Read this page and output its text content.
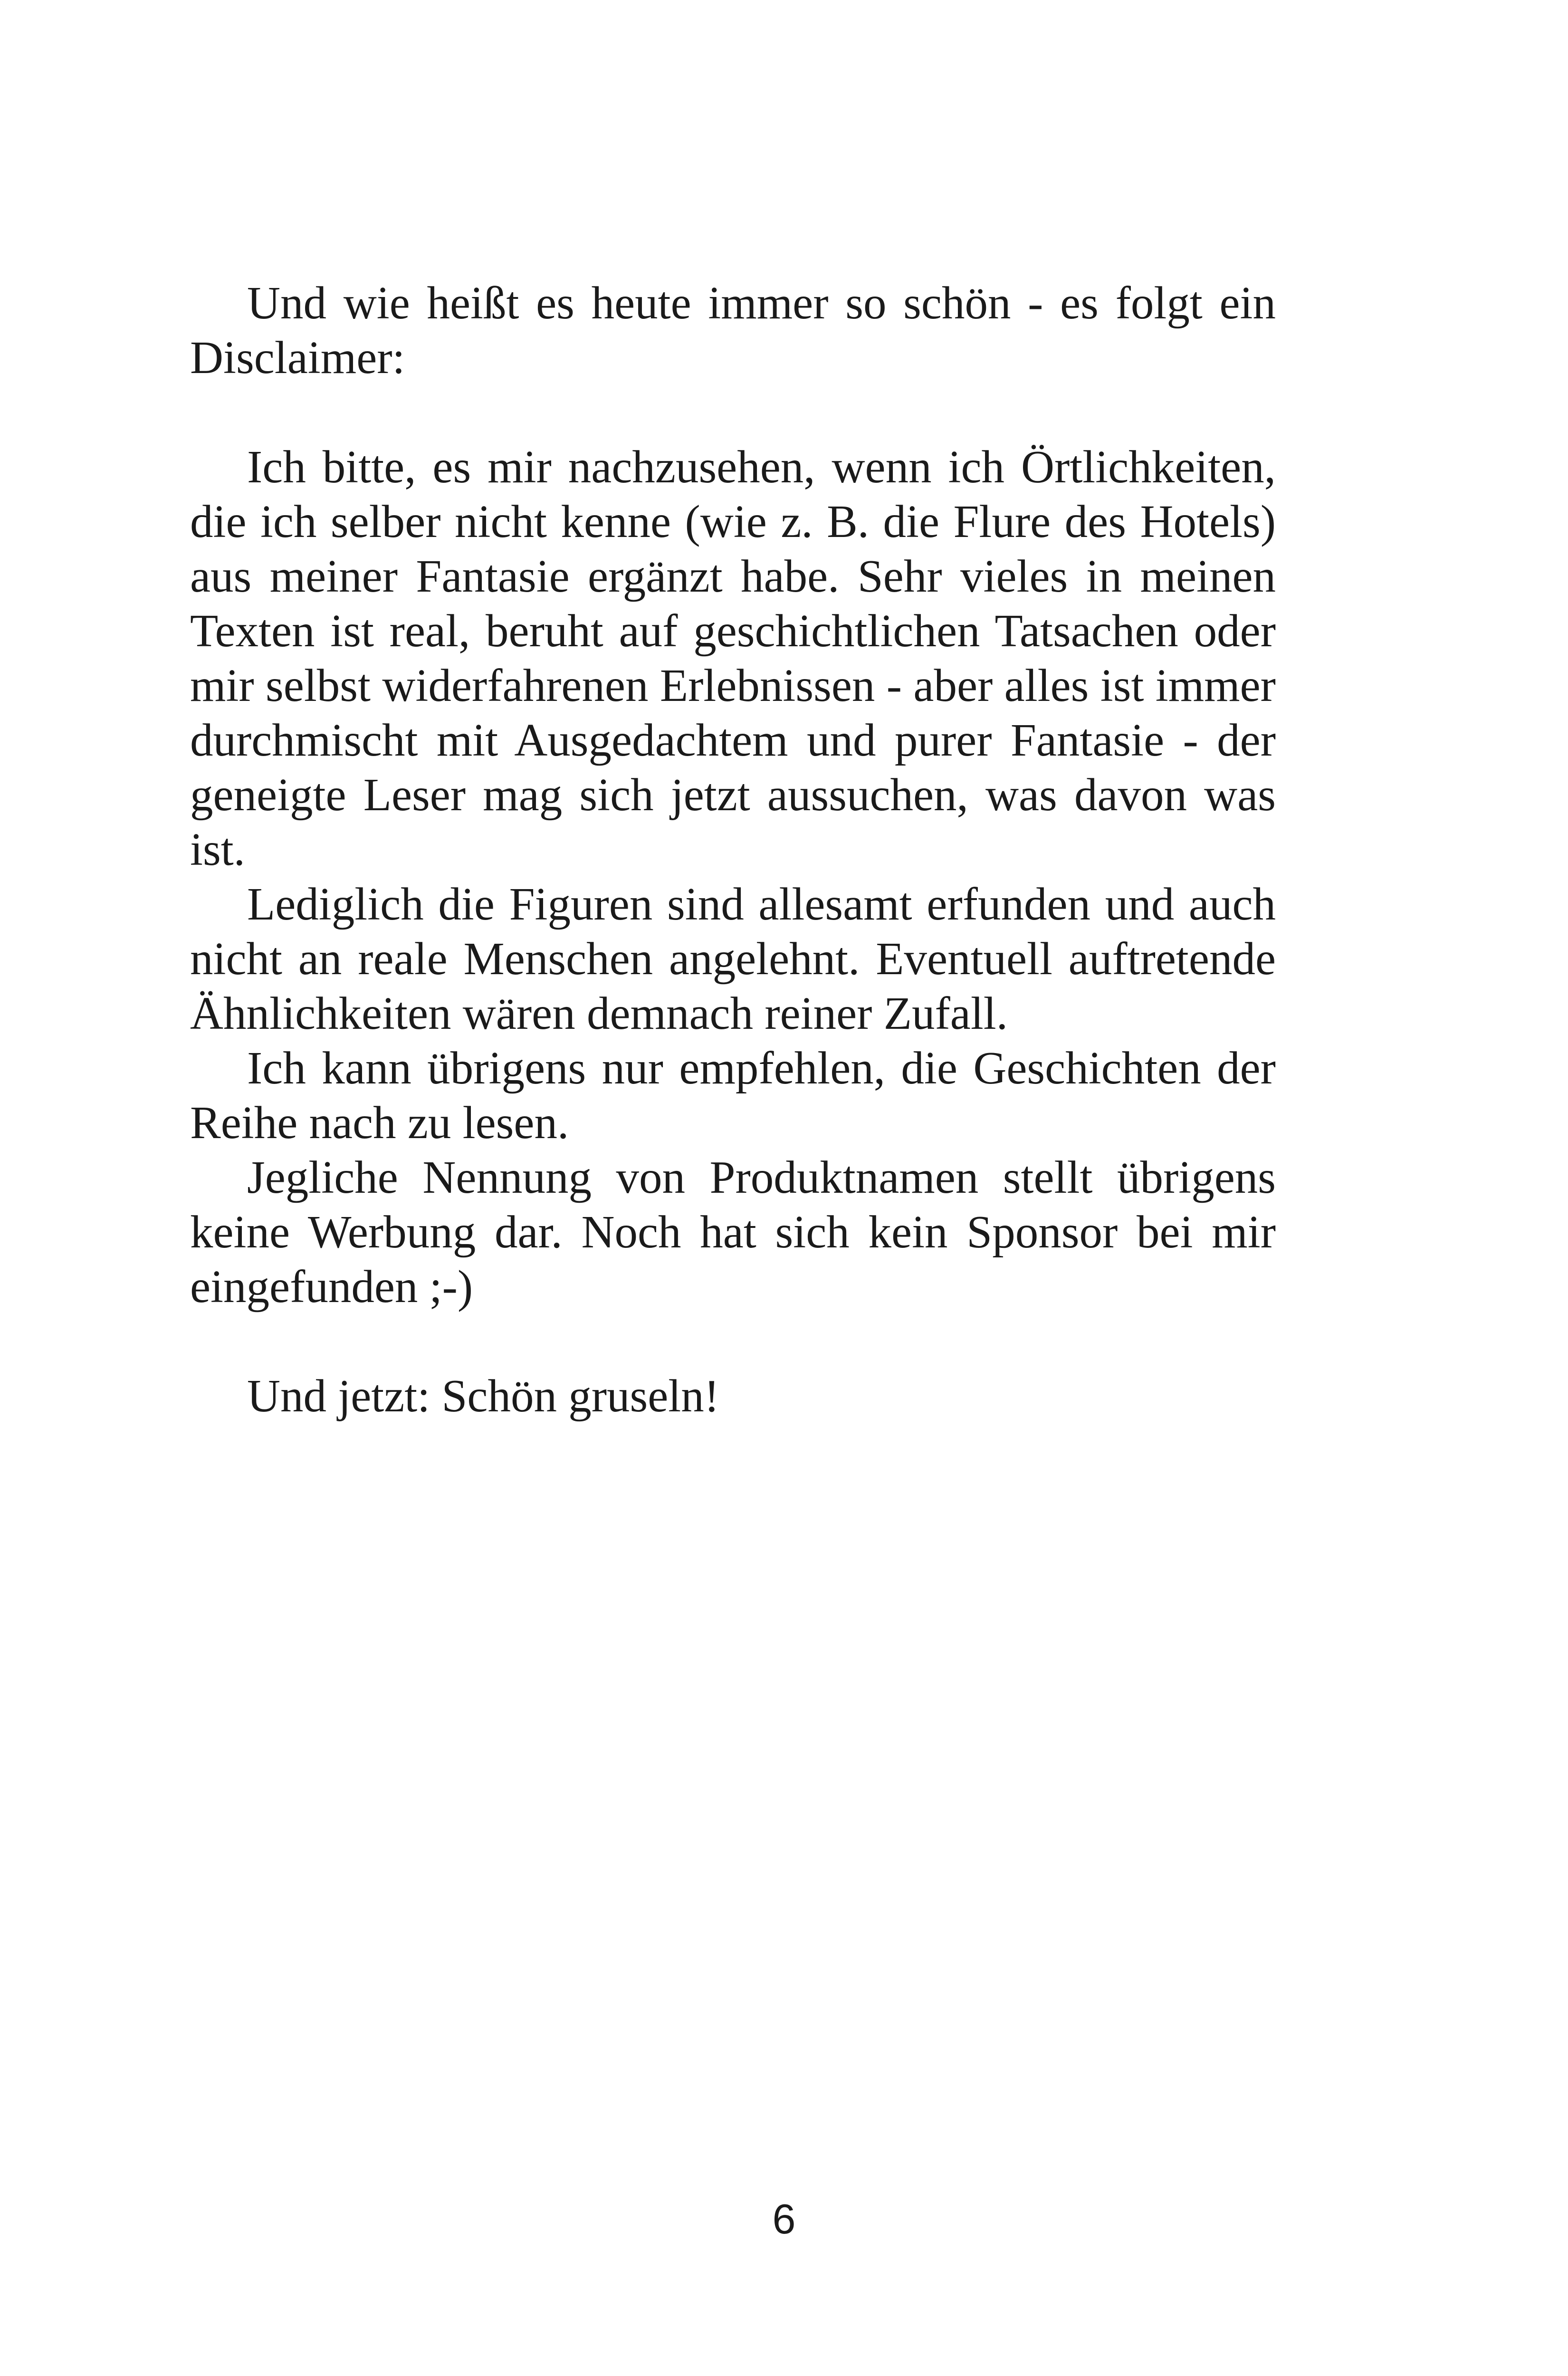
Und wie heißt es heute immer so schön - es folgt ein Disclaimer:

Ich bitte, es mir nachzusehen, wenn ich Örtlichkeiten, die ich selber nicht kenne (wie z. B. die Flure des Hotels) aus meiner Fantasie ergänzt habe. Sehr vieles in meinen Texten ist real, beruht auf geschichtlichen Tatsachen oder mir selbst widerfahrenen Erlebnissen - aber alles ist immer durchmischt mit Ausgedachtem und purer Fantasie - der geneigte Leser mag sich jetzt aussuchen, was davon was ist.

Lediglich die Figuren sind allesamt erfunden und auch nicht an reale Menschen angelehnt. Eventuell auftretende Ähnlichkeiten wären demnach reiner Zufall.

Ich kann übrigens nur empfehlen, die Geschichten der Reihe nach zu lesen.

Jegliche Nennung von Produktnamen stellt übrigens keine Werbung dar. Noch hat sich kein Sponsor bei mir eingefunden ;-)

Und jetzt: Schön gruseln!

6
